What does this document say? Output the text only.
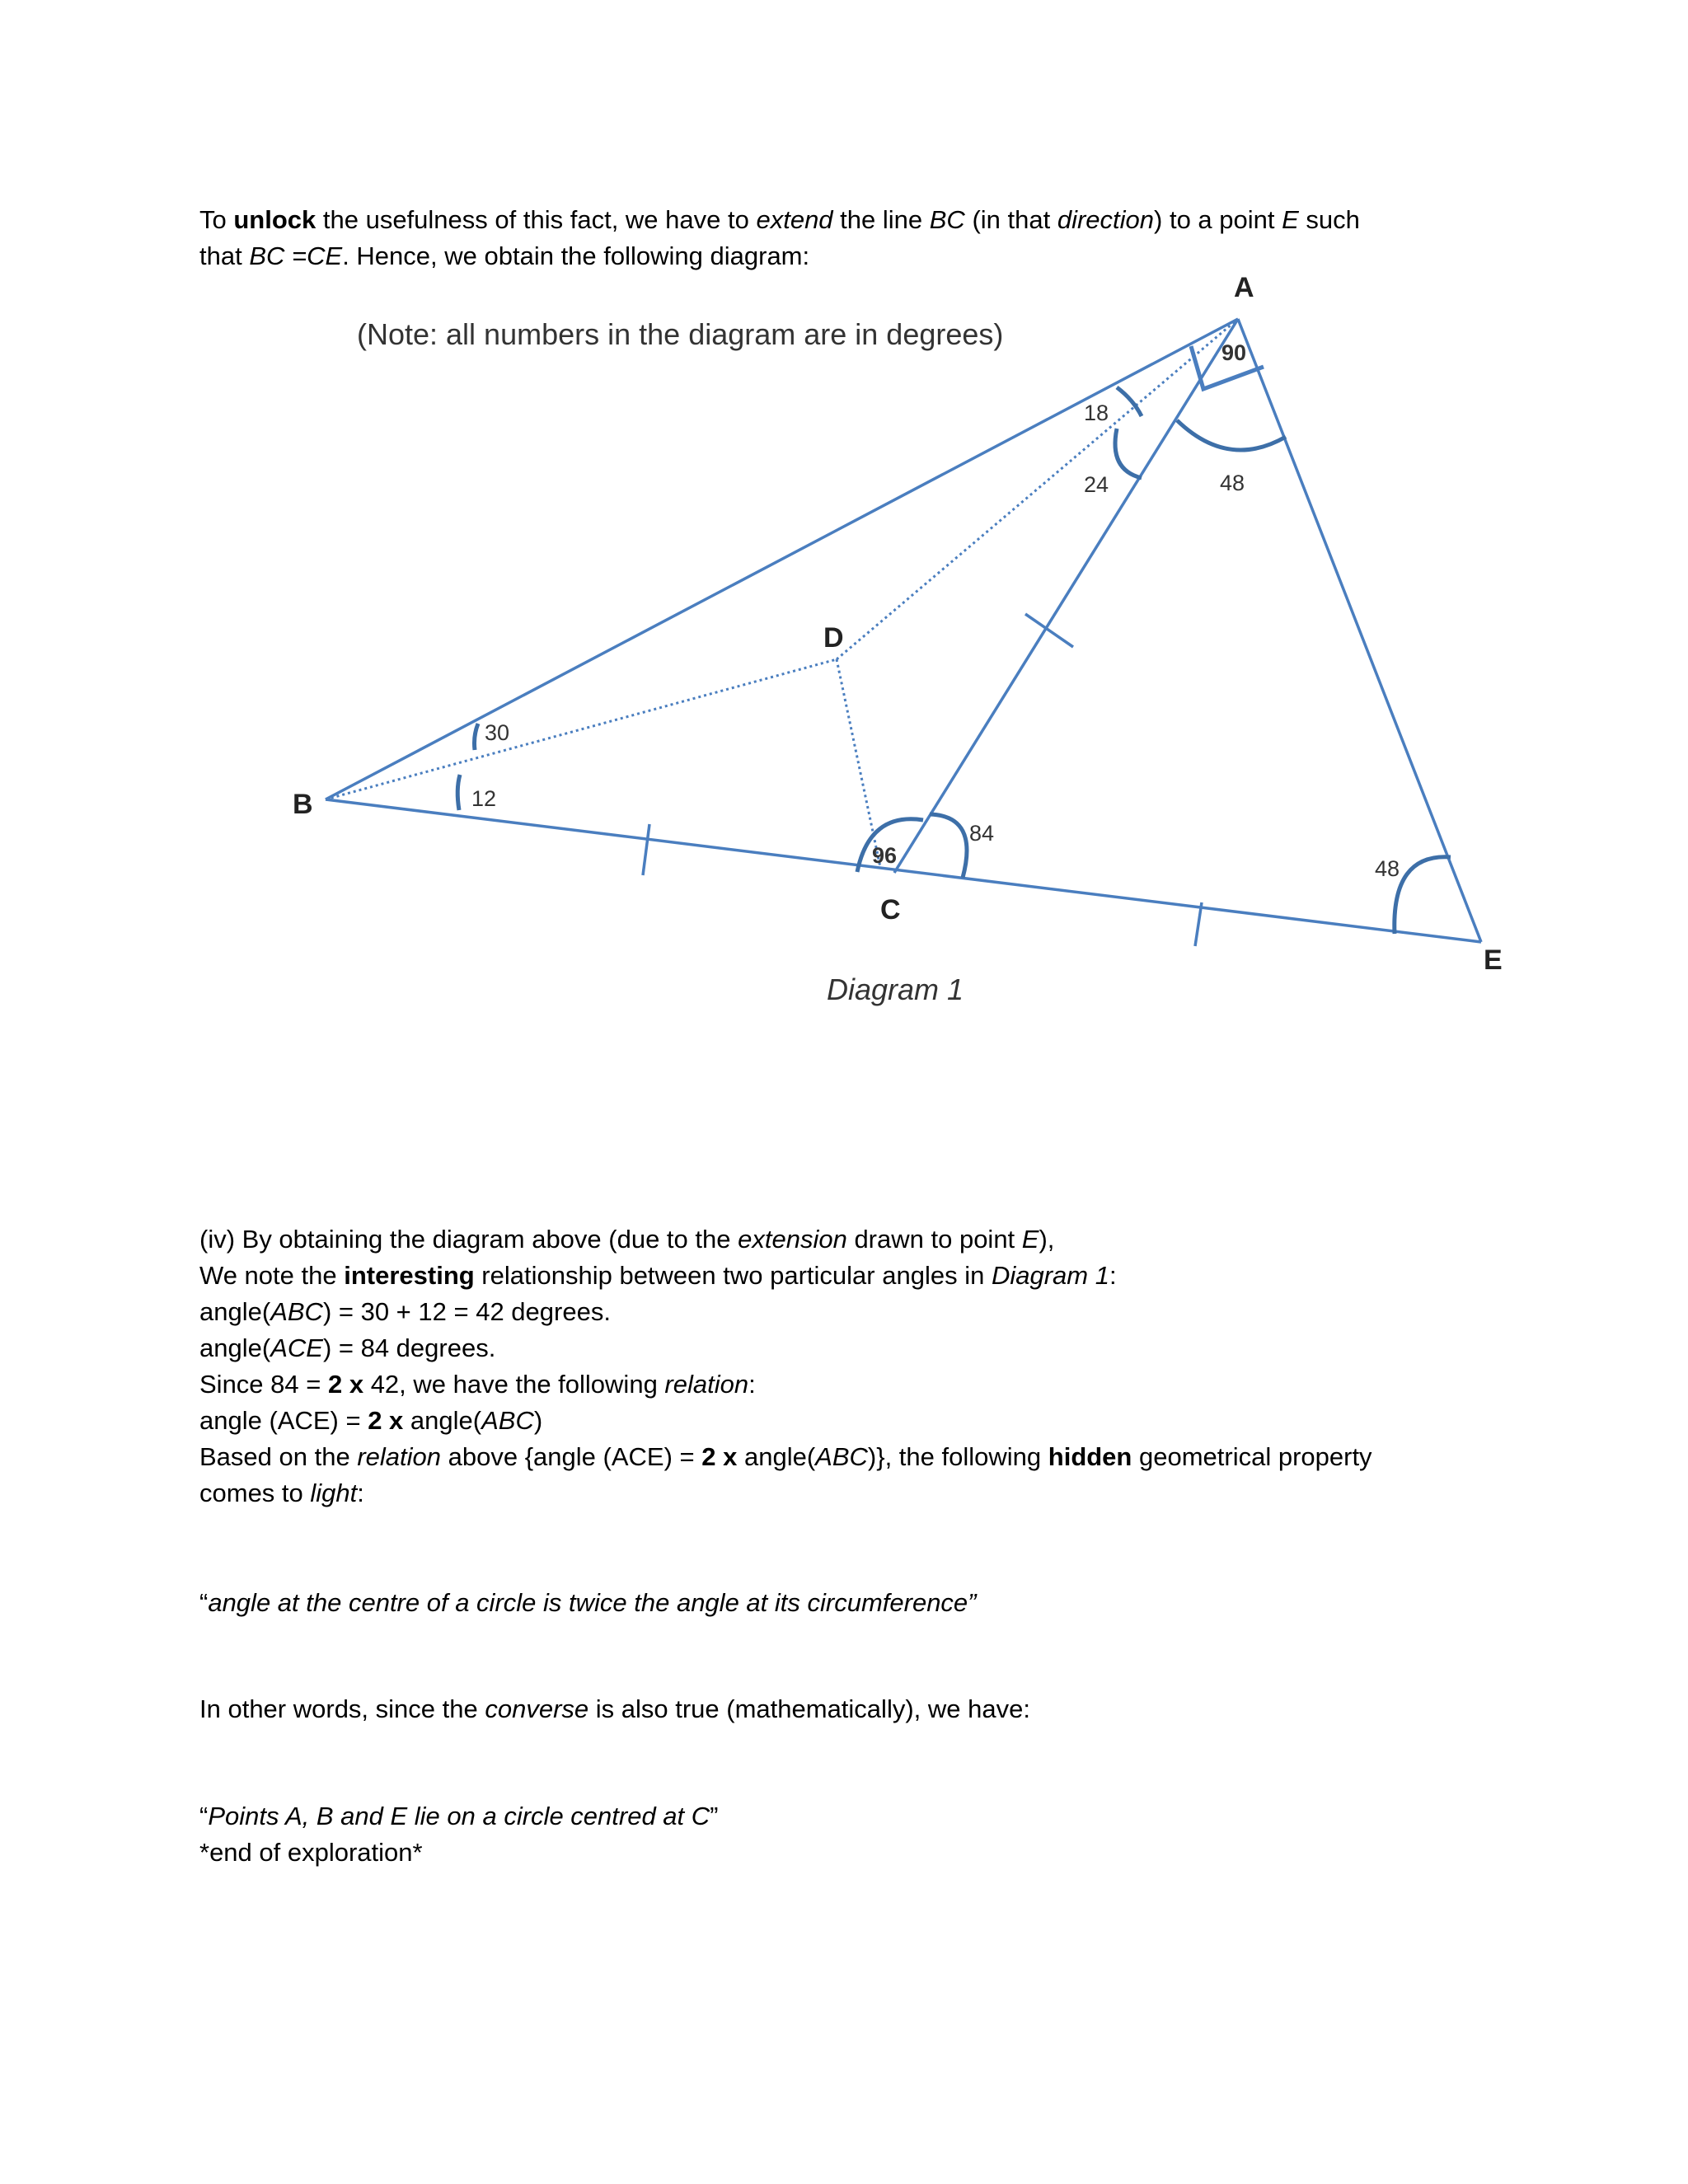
To unlock the usefulness of this fact, we have to extend the line BC (in that direction) to a point E such
that BC =CE. Hence, we obtain the following diagram:
(Note: all numbers in the diagram are in degrees)
A
B
C
D
E
30
12
18
24
90
48
96
84
48
Diagram 1
(iv) By obtaining the diagram above (due to the extension drawn to point E),
We note the interesting relationship between two particular angles in Diagram 1:
angle(ABC) = 30 + 12 = 42 degrees.
angle(ACE) = 84 degrees.
Since 84 = 2 x 42, we have the following relation:
angle (ACE) = 2 x angle(ABC)
Based on the relation above {angle (ACE) = 2 x angle(ABC)}, the following hidden geometrical property
comes to light:
“angle at the centre of a circle is twice the angle at its circumference”
In other words, since the converse is also true (mathematically), we have:
“Points A, B and E lie on a circle centred at C”
*end of exploration*
